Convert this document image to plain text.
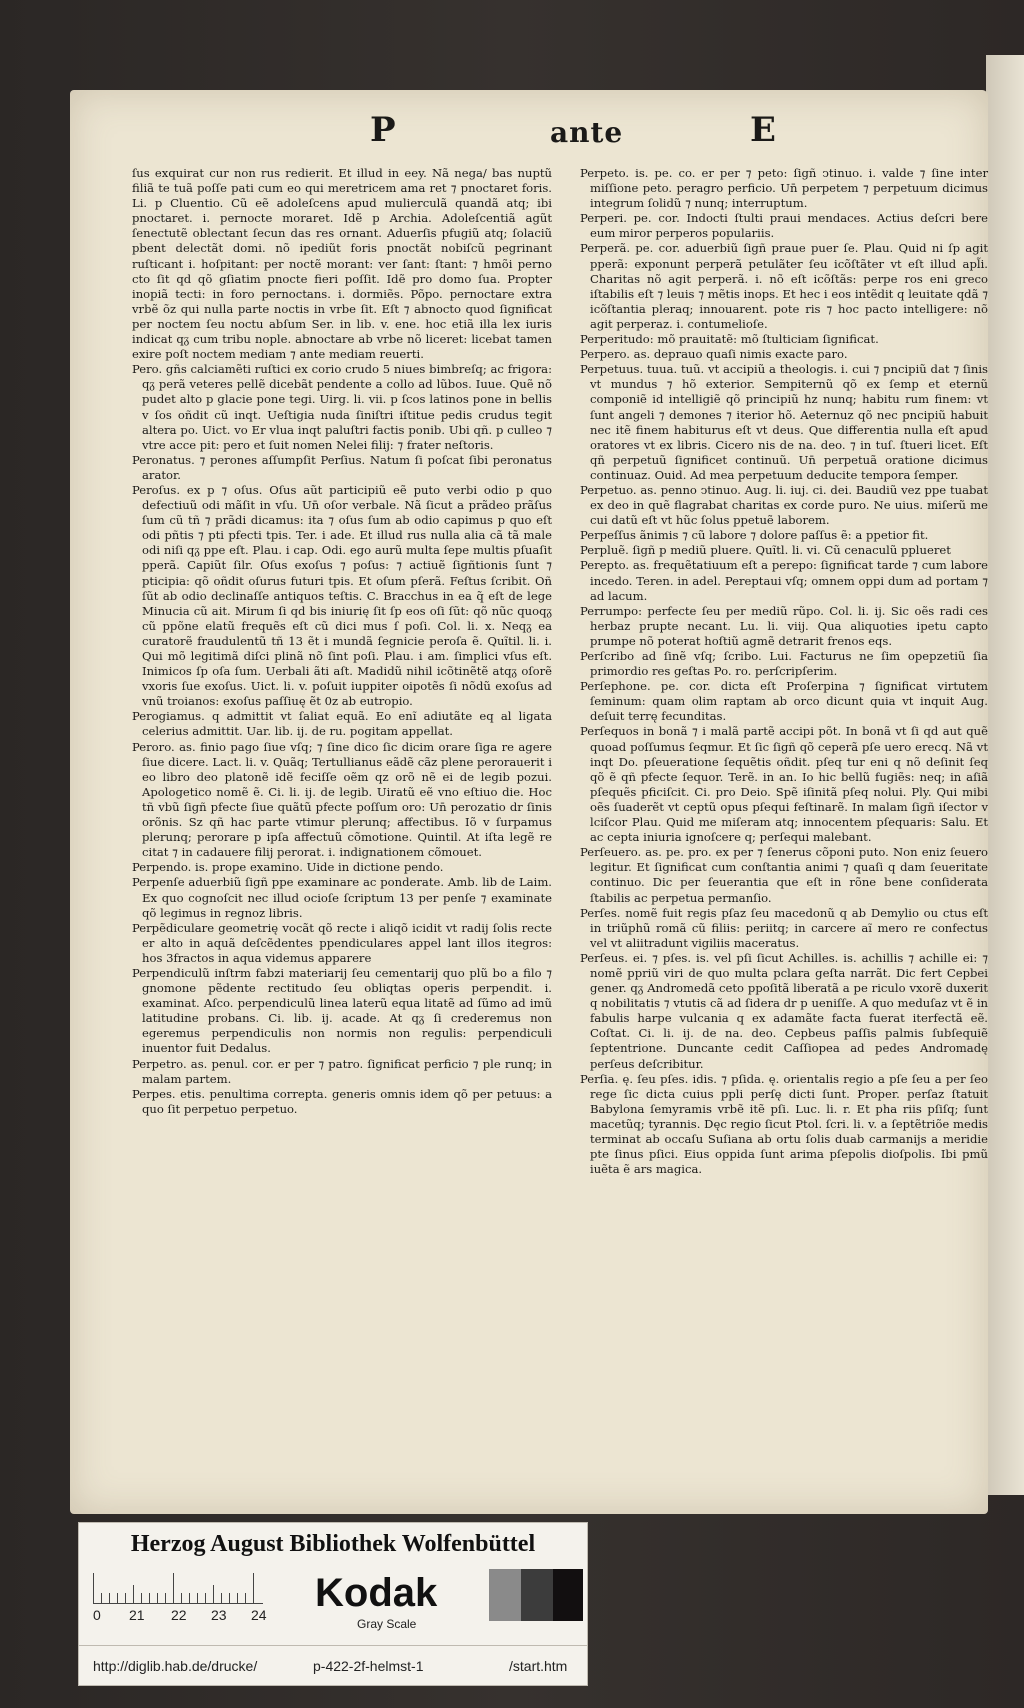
P	ante	E

ſus exquirat cur non rus redierit. Et illud in eey. Nã nega/ bas nuptũ filiã te tuã poſſe pati cum eo qui meretricem ama ret ⁊ pnoctaret foris. Li. p Cluentio. Cũ eẽ adoleſcens apud mulierculã quandã atq; ibi pnoctaret. i. pernocte moraret. Idẽ p Archia. Adoleſcentiã agũt ſenectutẽ oblectant ſecun das res ornant. Aduerſis pfugiũ atq; ſolaciũ pbent delectãt domi. nõ ipediũt foris pnoctãt nobiſcũ pegrinant ruſticant i. hoſpitant: per noctẽ morant: ver ſant: ſtant: ⁊ hmõi perno cto ſit qd qõ gſiatim pnocte fieri poſſit. Idẽ pro domo ſua. Propter inopiã tecti: in foro pernoctans. i. dormiẽs. Põpo. pernoctare extra vrbẽ õz qui nulla parte noctis in vrbe ſit. Eſt ⁊ abnocto quod ſignificat per noctem ſeu noctu abſum Ser. in lib. v. ene. hoc etiã illa lex iuris indicat qᵹ cum tribu nople. abnoctare ab vrbe nõ liceret: licebat tamen exire poſt noctem mediam ⁊ ante mediam reuerti.

Pero. gñs calciamẽti ruſtici ex corio crudo 5 niues bimbreſq; ac frigora: qᵹ perã veteres pellẽ dicebãt pendente a collo ad lũbos. Iuue. Quẽ nõ pudet alto p glacie pone tegi. Uirg. li. vii. p ſcos latinos pone in bellis v ſos oñdit cũ inqt. Ueſtigia nuda ſiniſtri iſtitue pedis crudus tegit altera po. Uict. vo Er vlua inqt paluſtri factis ponib. Ubi qñ. p culleo ⁊ vtre acce pit: pero et ſuit nomen Nelei filij: ⁊ frater neſtoris.

Peronatus. ⁊ perones aſſumpſit Perſius. Natum ſi poſcat ſibi peronatus arator.

Peroſus. ex p ⁊ oſus. Oſus aũt participiũ eẽ puto verbi odio p quo defectiuũ odi mãſit in vſu. Un̄ oſor verbale. Nã ſicut a prãdeo prãſus ſum cũ tñ ⁊ prãdi dicamus: ita ⁊ oſus ſum ab odio capimus p quo eſt odi pñtis ⁊ pti pfecti tpis. Ter. i ade. Et illud rus nulla alia cã tã male odi niſi qᵹ ppe eſt. Plau. i cap. Odi. ego aurũ multa ſepe multis pſuaſit pperã. Capiũt ſilr. Oſus exoſus ⁊ poſus: ⁊ actiuẽ ſigñtionis ſunt ⁊ pticipia: qõ oñdit oſurus futuri tpis. Et oſum pſerã. Feſtus ſcribit. Oñ ſũt ab odio declinaſſe antiquos teſtis. C. Bracchus in ea q̃ eſt de lege Minucia cũ ait. Mirum ſi qd bis iniurię ſit ſp eos oſi ſũt: qõ nũc quoqᵹ cũ ppõne elatũ frequẽs eſt cũ dici mus ſ poſi. Col. li. x. Neqᵹ ea curatorẽ fraudulentũ tñ 13 ẽt i mundã ſegnicie peroſa ẽ. Quĩtil. li. i. Qui mõ legitimã diſci plinã nõ ſint poſi. Plau. i am. ſimplici vſus eſt. Inimicos ſp oſa ſum. Uerbali ãti aſt. Madidũ nihil icõtinẽtẽ atqᵹ oſorẽ vxoris ſue exoſus. Uict. li. v. poſuit iuppiter oipotẽs ſi nõdũ exoſus ad vnũ troianos: exoſus paſſiuę ẽt 0z ab eutropio.

Perogiamus. q admittit vt ſaliat equã. Eo enĩ adiutãte eq al ligata celerius admittit. Uar. lib. ij. de ru. pogitam appellat.

Peroro. as. finio pago ſiue vſq; ⁊ ſine dico ſic dicim orare ſiga re agere ſiue dicere. Lact. li. v. Quãq; Tertullianus eãdẽ cãz plene perorauerit i eo libro deo platonẽ idẽ feciſſe oẽm qz orõ nẽ ei de legib pozui. Apologetico nomẽ ẽ. Ci. li. ij. de legib. Uiratũ eẽ vno eſtiuo die. Hoc tñ vbũ ſigñ pfecte ſiue quãtũ pfecte poſſum oro: Un̄ perozatio dr ſinis orõnis. Sz qñ hac parte vtimur plerunq; affectibus. Iõ v ſurpamus plerunq; perorare p ipſa affectuũ cõmotione. Quintil. At iſta legẽ re citat ⁊ in cadauere filij perorat. i. indignationem cõmouet.

Perpendo. is. prope examino. Uide in dictione pendo.

Perpenſe aduerbiũ ſigñ ppe examinare ac ponderate. Amb. lib de Laim. Ex quo cognoſcit nec illud ocioſe ſcriptum 13 per penſe ⁊ examinate qõ legimus in regnoz libris.

Perpẽdiculare geometrię vocãt qõ recte i aliqõ icidit vt radij ſolis recte er alto in aquã deſcẽdentes ppendiculares appel lant illos itegros: hos 3fractos in aqua videmus apparere

Perpendiculũ inſtrm fabzi materiarij ſeu cementarij quo plũ bo a filo ⁊ gnomone pẽdente rectitudo ſeu obliqtas operis perpendit. i. examinat. Aſco. perpendiculũ linea laterũ equa litatẽ ad ſũmo ad imũ latitudine probans. Ci. lib. ij. acade. At qᵹ ſi crederemus non egeremus perpendiculis non normis non regulis: perpendiculi inuentor fuit Dedalus.

Perpetro. as. penul. cor. er per ⁊ patro. ſignificat perficio ⁊ ple runq; in malam partem.

Perpes. etis. penultima correpta. generis omnis idem qõ per petuus: a quo ſit perpetuo perpetuo.

Perpeto. is. pe. co. er per ⁊ peto: ſigñ ↄtinuo. i. valde ⁊ ſine inter miſſione peto. peragro perficio. Un̄ perpetem ⁊ perpetuum dicimus integrum ſolidũ ⁊ nunq; interruptum.

Perperi. pe. cor. Indocti ſtulti praui mendaces. Actius deſcri bere eum miror perperos populariis.

Perperã. pe. cor. aduerbiũ ſigñ praue puer ſe. Plau. Quid ni ſp agit pperã: exponunt perperã petulãter ſeu icõſtãter vt eſt illud apl̃i. Charitas nõ agit perperã. i. nõ eſt icõſtãs: perpe ros eni greco iſtabilis eſt ⁊ leuis ⁊ mẽtis inops. Et hec i eos intẽdit q leuitate qdã ⁊ icõſtantia pleraq; innouarent. pote ris ⁊ hoc pacto intelligere: nõ agit perperaz. i. contumelioſe.

Perperitudo: mõ prauitatẽ: mõ ſtulticiam ſignificat.

Perpero. as. deprauo quaſi nimis exacte paro.

Perpetuus. tuua. tuũ. vt accipiũ a theologis. i. cui ⁊ pncipiũ dat ⁊ ſinis vt mundus ⁊ hõ exterior. Sempiternũ qõ ex ſemp et eternũ componiẽ id intelligiẽ qõ principiũ hz nunq; habitu rum finem: vt ſunt angeli ⁊ demones ⁊ iterior hõ. Aeternuz qõ nec pncipiũ habuit nec itẽ finem habiturus eſt vt deus. Que differentia nulla eſt apud oratores vt ex libris. Cicero nis de na. deo. ⁊ in tuſ. ſtueri licet. Eſt qñ perpetuũ ſignificet continuũ. Un̄ perpetuã oratione dicimus continuaz. Ouid. Ad mea perpetuum deducite tempora ſemper.

Perpetuo. as. penno ↄtinuo. Aug. li. iuj. ci. dei. Baudiũ vez ppe tuabat ex deo in quẽ flagrabat charitas ex corde puro. Ne uius. miſerũ me cui datũ eſt vt hũc ſolus ppetuẽ laborem.

Perpeſſus ãnimis ⁊ cũ labore ⁊ dolore paſſus ẽ: a ppetior fit.

Perpluẽ. ſigñ p mediũ pluere. Quĩtl. li. vi. Cũ cenaculũ pplueret

Perepto. as. frequẽtatiuum eſt a perepo: ſignificat tarde ⁊ cum labore incedo. Teren. in adel. Pereptaui vſq; omnem oppi dum ad portam ⁊ ad lacum.

Perrumpo: perfecte ſeu per mediũ rũpo. Col. li. ij. Sic oẽs radi ces herbaz prupte necant. Lu. li. viij. Qua aliquoties ipetu capto prumpe nõ poterat hoſtiũ agmẽ detrarit frenos eqs.

Perſcribo ad ſinẽ vſq; ſcribo. Lui. Facturus ne ſim opepzetiũ ſia primordio res geſtas Po. ro. perſcripſerim.

Perſephone. pe. cor. dicta eſt Proſerpina ⁊ ſignificat virtutem ſeminum: quam olim raptam ab orco dicunt quia vt inquit Aug. deſuit terrę fecunditas.

Perſequos in bonã ⁊ i malã partẽ accipi põt. In bonã vt ſi qd aut quẽ quoad poſſumus ſeqmur. Et ſic ſigñ qõ ceperã pſe uero erecq. Nã vt inqt Do. pſeueratione ſequẽtis oñdit. pſeq tur eni q nõ deſinit ſeq qõ ẽ qñ pfecte ſequor. Terẽ. in an. Io hic bellũ fugiẽs: neq; in aſiã pſequẽs pficiſcit. Ci. pro Deio. Spẽ iſinitã pſeq nolui. Ply. Qui mibi oẽs ſuaderẽt vt ceptũ opus pſequi feſtinarẽ. In malam ſigñ iſector v lciſcor Plau. Quid me miſeram atq; innocentem pſequaris: Salu. Et ac cepta iniuria ignoſcere q; perſequi malebant.

Perſeuero. as. pe. pro. ex per ⁊ ſenerus cõponi puto. Non eniz ſeuero legitur. Et ſignificat cum conſtantia animi ⁊ quaſi q dam ſeueritate continuo. Dic per ſeuerantia que eſt in rõne bene conſiderata ſtabilis ac perpetua permanſio.

Perſes. nomẽ fuit regis pſaz ſeu macedonũ q ab Demylio ou ctus eſt in triũphũ romã cũ filiis: periitq; in carcere aĩ mero re confectus vel vt aliitradunt vigiliis maceratus.

Perſeus. ei. ⁊ pſes. is. vel pſi ſicut Achilles. is. achillis ⁊ achille ei: ⁊ nomẽ ppriũ viri de quo multa pclara geſta narrãt. Dic fert Cepbei gener. qᵹ Andromedã ceto ppoſitã liberatã a pe riculo vxorẽ duxerit q nobilitatis ⁊ vtutis cã ad ſidera dr p ueniſſe. A quo meduſaz vt ẽ in fabulis harpe vulcania q ex adamãte facta fuerat iterfectã eẽ. Coſtat. Ci. li. ij. de na. deo. Cepbeus paſſis palmis ſubſequiẽ ſeptentrione. Duncante cedit Caſſiopea ad pedes Andromadę perſeus deſcribitur.

Perſia. ę. ſeu pſes. idis. ⁊ pſida. ę. orientalis regio a pſe ſeu a per ſeo rege ſic dicta cuius ppli perſę dicti ſunt. Proper. perſaz ſtatuit Babylona ſemyramis vrbẽ itẽ pſi. Luc. li. r. Et pha riis pſiſq; ſunt macetũq; tyrannis. Dęc regio ſicut Ptol. ſcri. li. v. a ſeptẽtriõe medis terminat ab occaſu Suſiana ab ortu ſolis duab carmanijs a meridie pte ſinus pſici. Eius oppida ſunt arima pſepolis dioſpolis. Ibi pmũ iuẽta ẽ ars magica.

Herzog August Bibliothek Wolfenbüttel
0 21 22 23 24 Kodak
Gray Scale
http://diglib.hab.de/drucke/	p-422-2f-helmst-1	/start.htm
